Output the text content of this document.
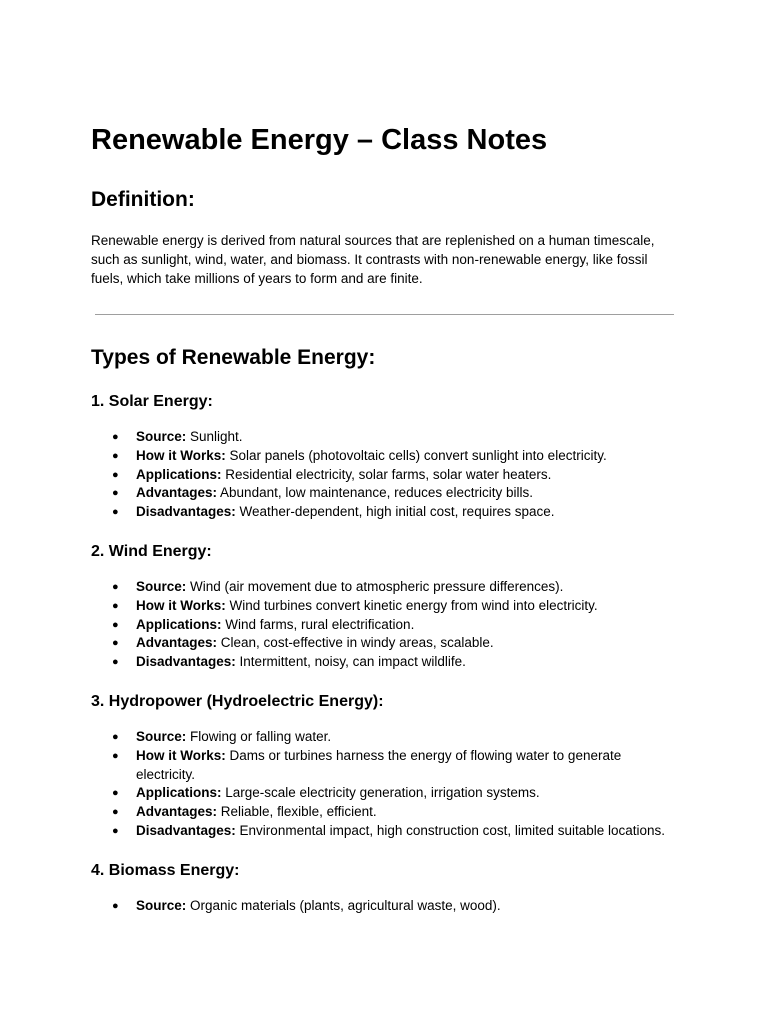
Renewable Energy – Class Notes
Definition:

Renewable energy is derived from natural sources that are replenished on a human timescale, such as sunlight, wind, water, and biomass. It contrasts with non-renewable energy, like fossil fuels, which take millions of years to form and are finite.

Types of Renewable Energy:
1. Solar Energy:
● Source: Sunlight.
● How it Works: Solar panels (photovoltaic cells) convert sunlight into electricity.
● Applications: Residential electricity, solar farms, solar water heaters.
● Advantages: Abundant, low maintenance, reduces electricity bills.
● Disadvantages: Weather-dependent, high initial cost, requires space.
2. Wind Energy:
● Source: Wind (air movement due to atmospheric pressure differences).
● How it Works: Wind turbines convert kinetic energy from wind into electricity.
● Applications: Wind farms, rural electrification.
● Advantages: Clean, cost-effective in windy areas, scalable.
● Disadvantages: Intermittent, noisy, can impact wildlife.
3. Hydropower (Hydroelectric Energy):
● Source: Flowing or falling water.
● How it Works: Dams or turbines harness the energy of flowing water to generate electricity.
● Applications: Large-scale electricity generation, irrigation systems.
● Advantages: Reliable, flexible, efficient.
● Disadvantages: Environmental impact, high construction cost, limited suitable locations.
4. Biomass Energy:
● Source: Organic materials (plants, agricultural waste, wood).
